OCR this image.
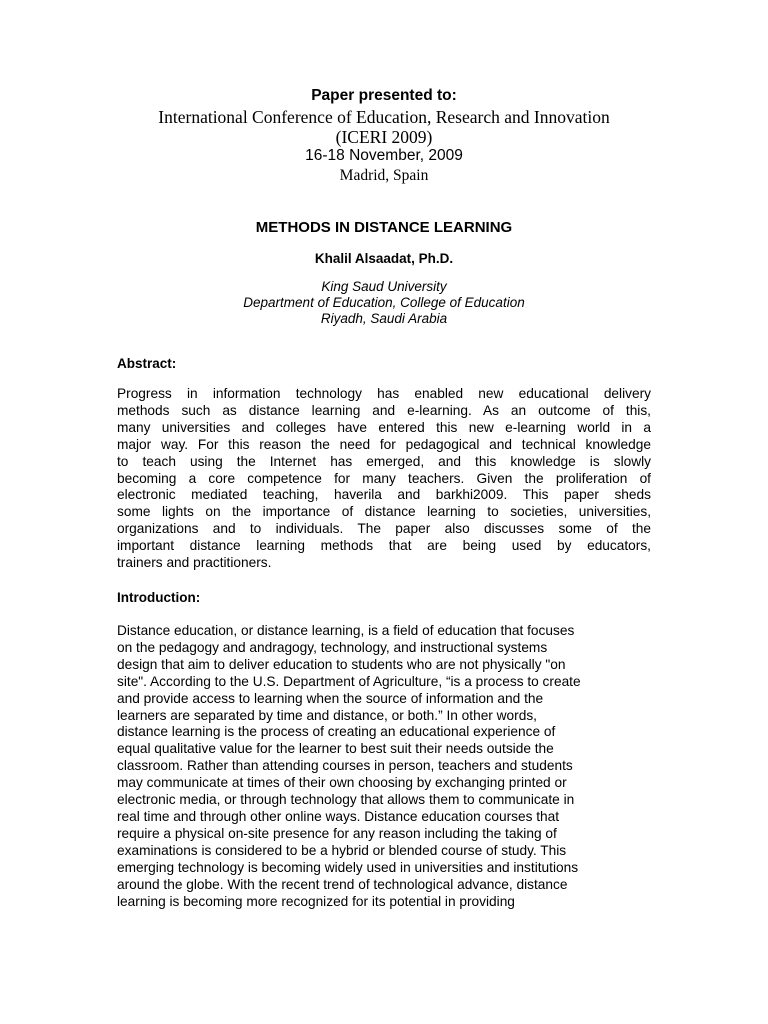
Paper presented to:
International Conference of Education, Research and Innovation
(ICERI 2009)
16-18 November, 2009
Madrid, Spain
METHODS IN DISTANCE LEARNING
Khalil Alsaadat, Ph.D.
King Saud University
Department of Education, College of Education
Riyadh, Saudi Arabia
Abstract:
Progress in information technology has enabled new educational delivery
methods such as distance learning and e-learning. As an outcome of this,
many universities and colleges have entered this new e-learning world in a
major way. For this reason the need for pedagogical and technical knowledge
to teach using the Internet has emerged, and this knowledge is slowly
becoming a core competence for many teachers. Given the proliferation of
electronic mediated teaching, haverila and barkhi2009. This paper sheds
some lights on the importance of distance learning to societies, universities,
organizations and to individuals. The paper also discusses some of the
important distance learning methods that are being used by educators,
trainers and practitioners.
Introduction:
Distance education, or distance learning, is a field of education that focuses
on the pedagogy and andragogy, technology, and instructional systems
design that aim to deliver education to students who are not physically "on
site". According to the U.S. Department of Agriculture, “is a process to create
and provide access to learning when the source of information and the
learners are separated by time and distance, or both.” In other words,
distance learning is the process of creating an educational experience of
equal qualitative value for the learner to best suit their needs outside the
classroom. Rather than attending courses in person, teachers and students
may communicate at times of their own choosing by exchanging printed or
electronic media, or through technology that allows them to communicate in
real time and through other online ways. Distance education courses that
require a physical on-site presence for any reason including the taking of
examinations is considered to be a hybrid or blended course of study. This
emerging technology is becoming widely used in universities and institutions
around the globe. With the recent trend of technological advance, distance
learning is becoming more recognized for its potential in providing
